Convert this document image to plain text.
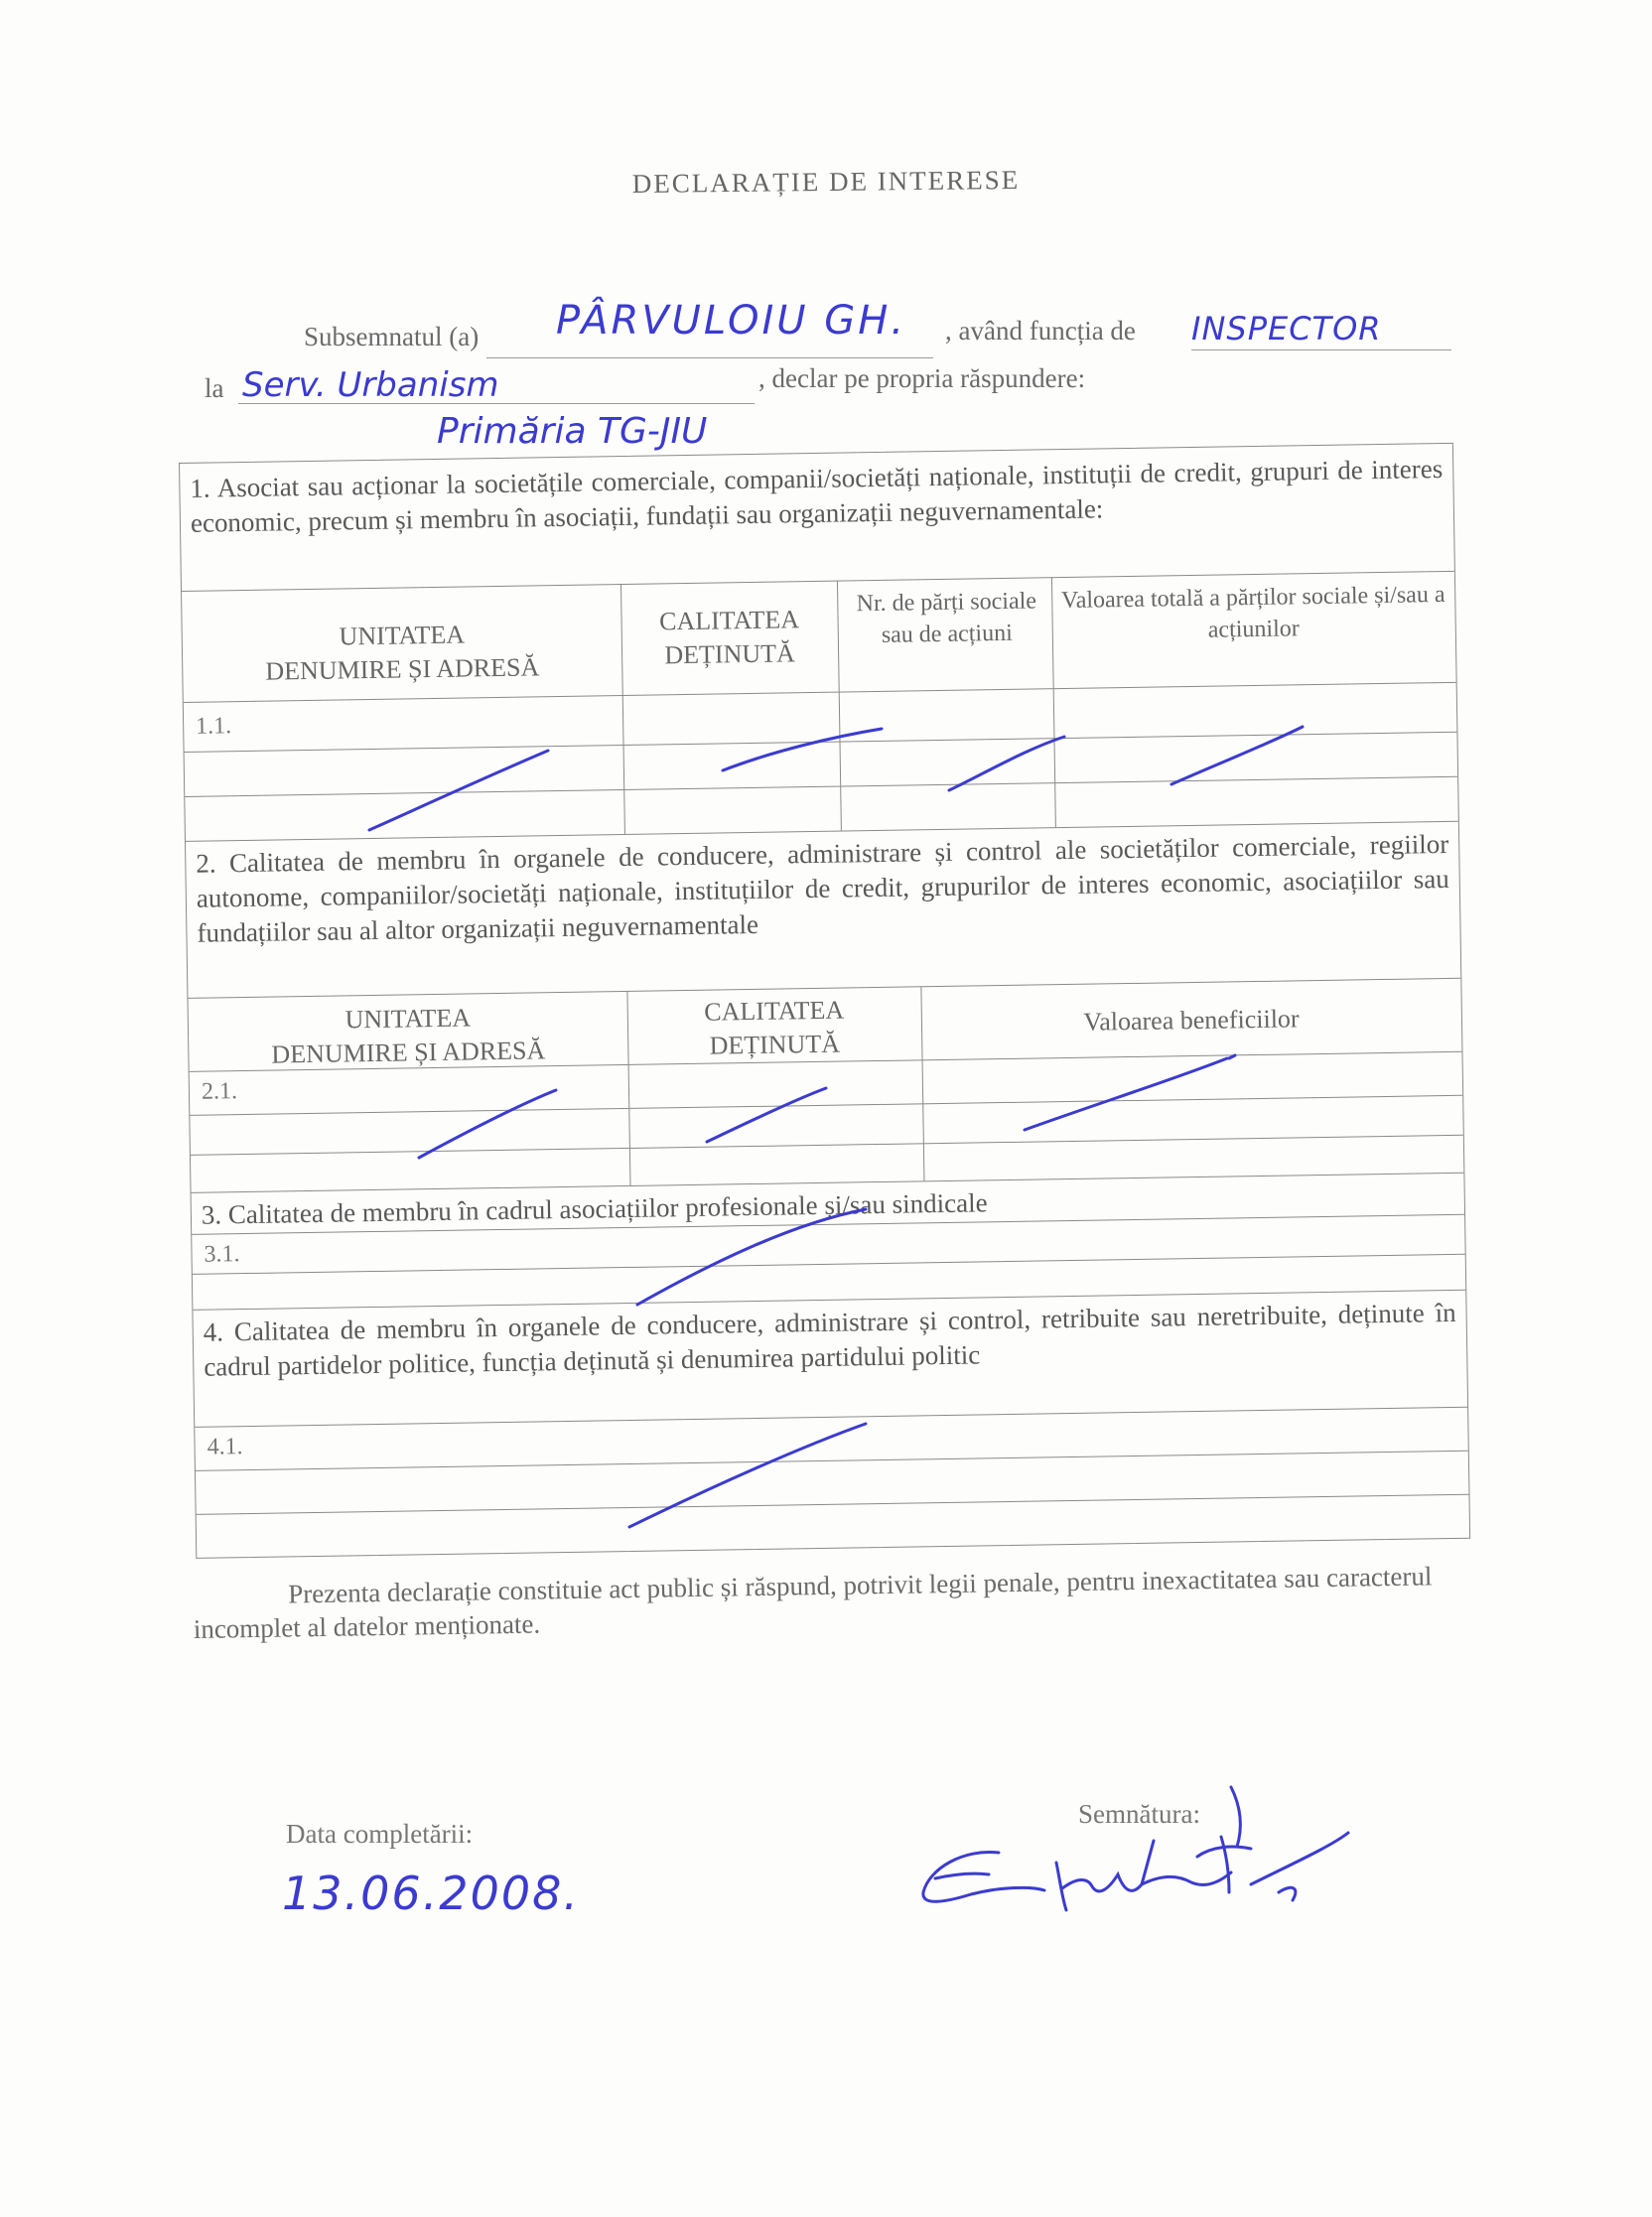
DECLARAȚIE DE INTERESE
Subsemnatul (a) PÂRVULOIU GH. , având funcția de INSPECTOR
la Serv. Urbanism	, declar pe propria răspundere:
Primăria TG-JIU
1. Asociat sau acționar la societățile comerciale, companii/societăți naționale, instituții de credit, grupuri de interes economic, precum și membru în asociații, fundații sau organizații neguvernamentale:
UNITATEA
DENUMIRE ȘI ADRESĂ
CALITATEA
DEȚINUTĂ
Nr. de părți sociale sau de acțiuni
Valoarea totală a părților sociale și/sau a acțiunilor
1.1.
2. Calitatea de membru în organele de conducere, administrare și control ale societăților comerciale, regiilor autonome, companiilor/societăți naționale, instituțiilor de credit, grupurilor de interes economic, asociațiilor sau fundațiilor sau al altor organizații neguvernamentale
UNITATEA
DENUMIRE ȘI ADRESĂ
CALITATEA
DEȚINUTĂ
Valoarea beneficiilor
2.1.
3. Calitatea de membru în cadrul asociațiilor profesionale și/sau sindicale
3.1.
4. Calitatea de membru în organele de conducere, administrare și control, retribuite sau neretribuite, deținute în cadrul partidelor politice, funcția deținută și denumirea partidului politic
4.1.
Prezenta declarație constituie act public și răspund, potrivit legii penale, pentru inexactitatea sau caracterul incomplet al datelor menționate.
Data completării:
13.06.2008.
Semnătura:
